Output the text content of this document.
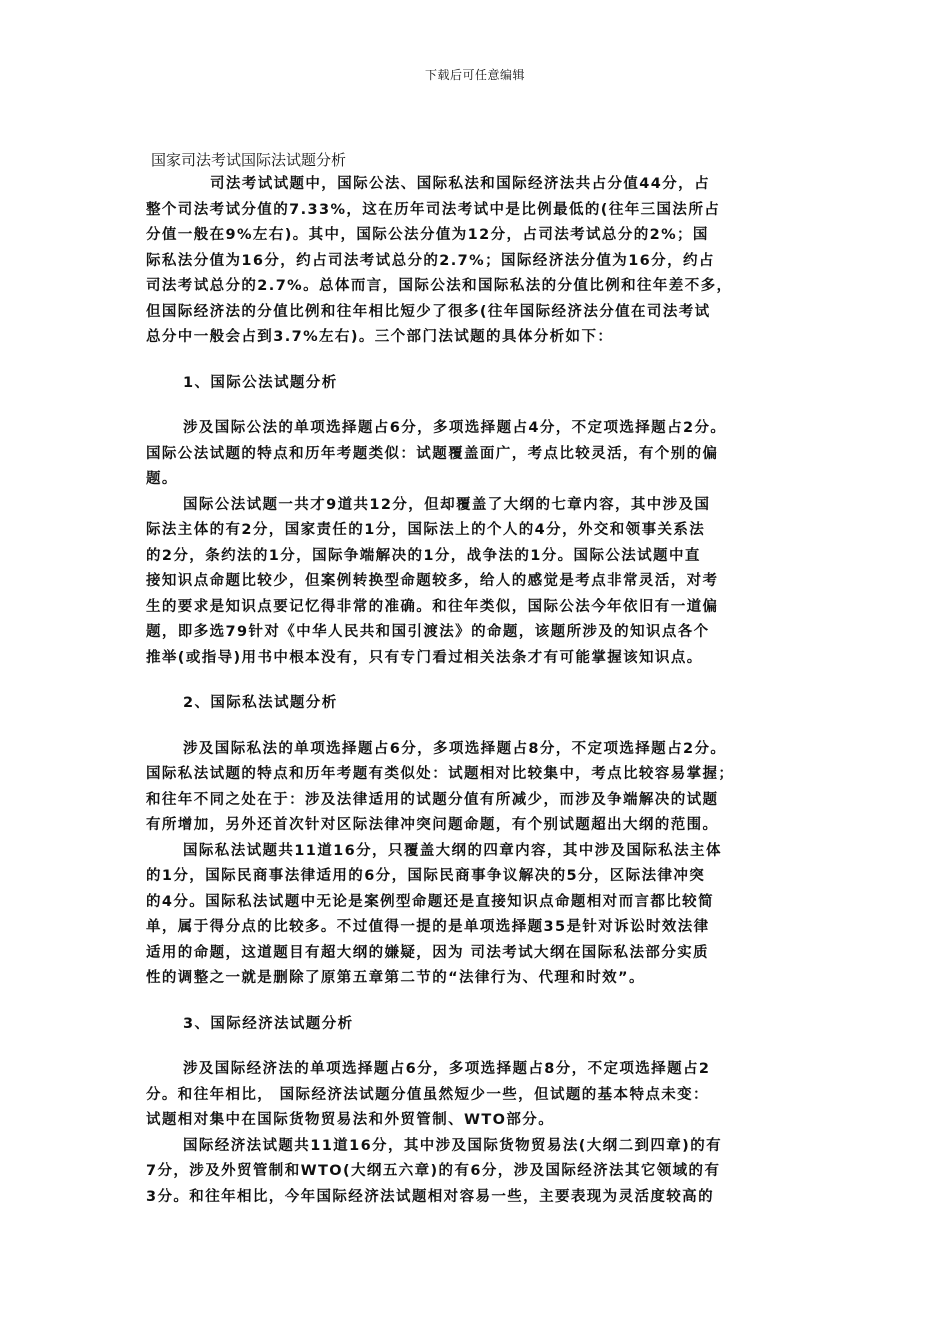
下载后可任意编辑
国家司法考试国际法试题分析
司法考试试题中，国际公法、国际私法和国际经济法共占分值44分，占
整个司法考试分值的7.33%，这在历年司法考试中是比例最低的(往年三国法所占
分值一般在9%左右)。其中，国际公法分值为12分，占司法考试总分的2%；国
际私法分值为16分，约占司法考试总分的2.7%；国际经济法分值为16分，约占
司法考试总分的2.7%。总体而言，国际公法和国际私法的分值比例和往年差不多，
但国际经济法的分值比例和往年相比短少了很多(往年国际经济法分值在司法考试
总分中一般会占到3.7%左右)。三个部门法试题的具体分析如下：
1、国际公法试题分析
涉及国际公法的单项选择题占6分，多项选择题占4分，不定项选择题占2分。
国际公法试题的特点和历年考题类似：试题覆盖面广，考点比较灵活，有个别的偏
题。
国际公法试题一共才9道共12分，但却覆盖了大纲的七章内容，其中涉及国
际法主体的有2分，国家责任的1分，国际法上的个人的4分，外交和领事关系法
的2分，条约法的1分，国际争端解决的1分，战争法的1分。国际公法试题中直
接知识点命题比较少，但案例转换型命题较多，给人的感觉是考点非常灵活，对考
生的要求是知识点要记忆得非常的准确。和往年类似，国际公法今年依旧有一道偏
题，即多选79针对《中华人民共和国引渡法》的命题，该题所涉及的知识点各个
推举(或指导)用书中根本没有，只有专门看过相关法条才有可能掌握该知识点。
2、国际私法试题分析
涉及国际私法的单项选择题占6分，多项选择题占8分，不定项选择题占2分。
国际私法试题的特点和历年考题有类似处：试题相对比较集中，考点比较容易掌握；
和往年不同之处在于：涉及法律适用的试题分值有所减少，而涉及争端解决的试题
有所增加，另外还首次针对区际法律冲突问题命题，有个别试题超出大纲的范围。
国际私法试题共11道16分，只覆盖大纲的四章内容，其中涉及国际私法主体
的1分，国际民商事法律适用的6分，国际民商事争议解决的5分，区际法律冲突
的4分。国际私法试题中无论是案例型命题还是直接知识点命题相对而言都比较简
单，属于得分点的比较多。不过值得一提的是单项选择题35是针对诉讼时效法律
适用的命题，这道题目有超大纲的嫌疑，因为 司法考试大纲在国际私法部分实质
性的调整之一就是删除了原第五章第二节的“法律行为、代理和时效”。
3、国际经济法试题分析
涉及国际经济法的单项选择题占6分，多项选择题占8分，不定项选择题占2
分。和往年相比， 国际经济法试题分值虽然短少一些，但试题的基本特点未变：
试题相对集中在国际货物贸易法和外贸管制、WTO部分。
国际经济法试题共11道16分，其中涉及国际货物贸易法(大纲二到四章)的有
7分，涉及外贸管制和WTO(大纲五六章)的有6分，涉及国际经济法其它领域的有
3分。和往年相比，今年国际经济法试题相对容易一些，主要表现为灵活度较高的
